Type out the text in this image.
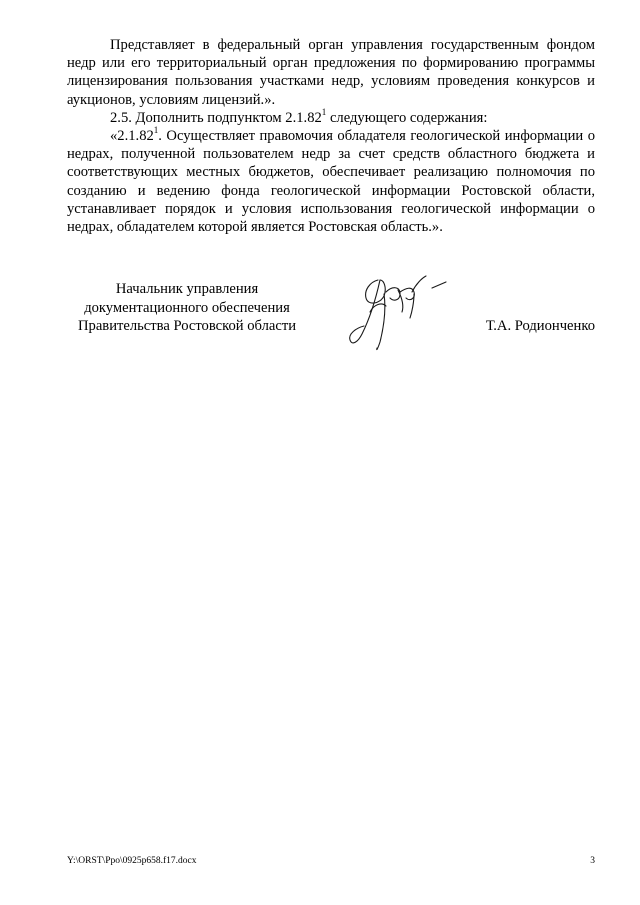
Представляет в федеральный орган управления государственным фондом недр или его территориальный орган предложения по формированию программы лицензирования пользования участками недр, условиям проведения конкурсов и аукционов, условиям лицензий.».

2.5. Дополнить подпунктом 2.1.82$^1$ следующего содержания:

«2.1.82$^1$. Осуществляет правомочия обладателя геологической информации о недрах, полученной пользователем недр за счет средств областного бюджета и соответствующих местных бюджетов, обеспечивает реализацию полномочия по созданию и ведению фонда геологической информации Ростовской области, устанавливает порядок и условия использования геологической информации о недрах, обладателем которой является Ростовская область.».

Начальник управления
документационного обеспечения
Правительства Ростовской области	Т.А. Родионченко
Y:\ORST\Ppo\0925p658.f17.docx	3
